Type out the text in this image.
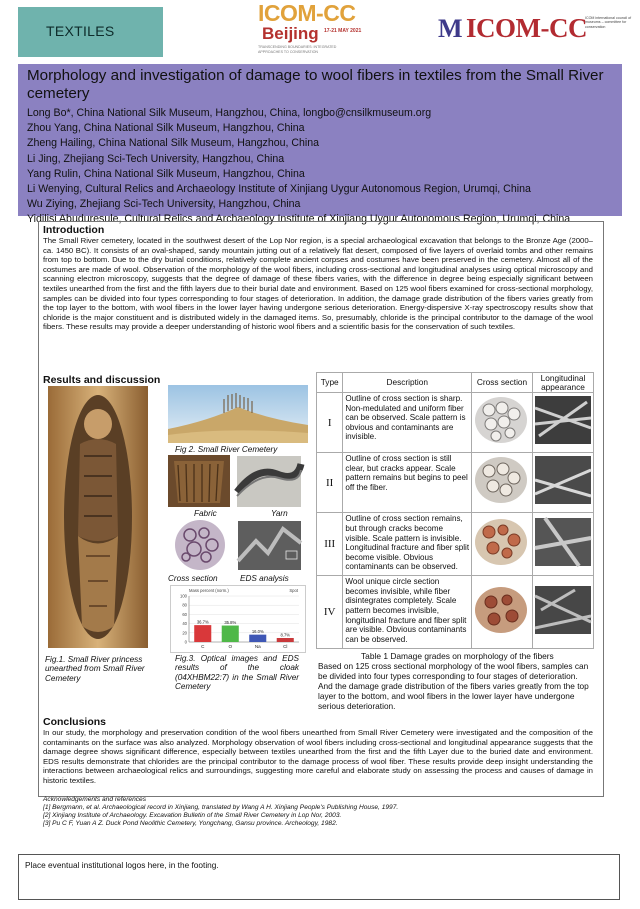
TEXTILES
ICOM-CC
Beijing 17-21 MAY 2021
TRANSCENDING BOUNDARIES: INTEGRATED APPROACHES TO CONSERVATION
M ICOM-CC
ICOM international council of museums – committee for conservation
Morphology and investigation of damage to wool fibers in textiles from the Small River cemetery
Long Bo*, China National Silk Museum, Hangzhou, China, longbo@cnsilkmuseum.org
Zhou Yang, China National Silk Museum, Hangzhou, China
Zheng Hailing, China National Silk Museum, Hangzhou, China
Li Jing, Zhejiang Sci-Tech University, Hangzhou, China
Yang Rulin, China National Silk Museum, Hangzhou, China
Li Wenying, Cultural Relics and Archaeology Institute of Xinjiang Uygur Autonomous Region, Urumqi, China
Wu Ziying, Zhejiang Sci-Tech University, Hangzhou, China
Yidilisi Abuduresule, Cultural Relics and Archaeology Institute of Xinjiang Uygur Autonomous Region, Urumqi, China
Introduction
The Small River cemetery, located in the southwest desert of the Lop Nor region, is a special archaeological excavation that belongs to the Bronze Age (2000–ca. 1450 BC). It consists of an oval-shaped, sandy mountain jutting out of a relatively flat desert, composed of five layers of overlaid tombs and other remains from top to bottom. Due to the dry burial conditions, relatively complete ancient corpses and costumes have been preserved in the cemetery. Almost all of the costumes are made of wool. Observation of the morphology of the wool fibers, including cross-sectional and longitudinal analyses using optical microscopy and scanning electron microscopy, suggests that the degree of damage of these fibers varies, with the difference in degree being especially significant between textiles unearthed from the first and the fifth layers due to their burial date and environment. Based on 125 wool fibers examined for cross-sectional morphology, samples can be divided into four types corresponding to four stages of deterioration. In addition, the damage grade distribution of the fibers varies greatly from the top layer to the bottom, with wool fibers in the lower layer having undergone serious deterioration. Energy-dispersive X-ray spectroscopy results show that chloride is the major constituent and is distributed widely in the damaged items. So, presumably, chloride is the principal contributor to the damage of the wool fibers. These results may provide a deeper understanding of historic wool fibers and a scientific basis for the conservation of such textiles.
Results and discussion
Fig.1. Small River princess unearthed from Small River Cemetery
Fig 2. Small River Cemetery
Fabric	Yarn
Cross section	EDS analysis
Mass percent (norm.)	Spot
0
20
40
60
80
100
36.7%
C
35.8%
O
16.0%
Na
8.7%
Cl
Fig.3. Optical images and EDS results of the cloak (04XHBM22:7) in the Small River Cemetery
Type	Description	Cross section	Longitudinal appearance
I	Outline of cross section is sharp. Non-medulated and uniform fiber can be observed. Scale pattern is obvious and contaminants are invisible.		
II	Outline of cross section is still clear, but cracks appear. Scale pattern remains but begins to peel off the fiber.		
III	Outline of cross section remains, but through cracks become visible. Scale pattern is invisible. Longitudinal fracture and fiber split become visible. Obvious contaminants can be observed.		
IV	Wool unique circle section becomes invisible, while fiber disintegrates completely. Scale pattern becomes invisible, longitudinal fracture and fiber split are visible. Obvious contaminants can be observed.		
Table 1 Damage grades on morphology of the fibers
Based on 125 cross sectional morphology of the wool fibers, samples can be divided into four types corresponding to four stages of deterioration. And the damage grade distribution of the fibers varies greatly from the top layer to the bottom, and wool fibers in the lower layer have undergone serious deterioration.
Conclusions
In our study, the morphology and preservation condition of the wool fibers unearthed from Small River Cemetery were investigated and the composition of the contaminants on the surface was also analyzed. Morphology observation of wool fibers including cross-sectional and longitudinal appearance suggests that the damage degree shows significant difference, especially between textiles unearthed from the first and the fifth Layer due to the buried date and environment. EDS results demonstrate that chlorides are the principal contributor to the damage process of wool fiber. These results provide deep insight understanding the interactions between archaeological relics and surroundings, suggesting more careful and elaborate study on assessing the process and causes of damage in historic textiles.
Acknowledgements and references
[1] Bergmann, et al. Archaeological record in Xinjiang, translated by Wang A H. Xinjiang People's Publishing House, 1997.
[2] Xinjiang Institute of Archaeology. Excavation Bulletin of the Small River Cemetery in Lop Nor, 2003.
[3] Pu C F, Yuan A Z. Duck Pond Neolithic Cemetery, Yongchang, Gansu province. Archeology, 1982.
Place eventual institutional logos here, in the footing.
